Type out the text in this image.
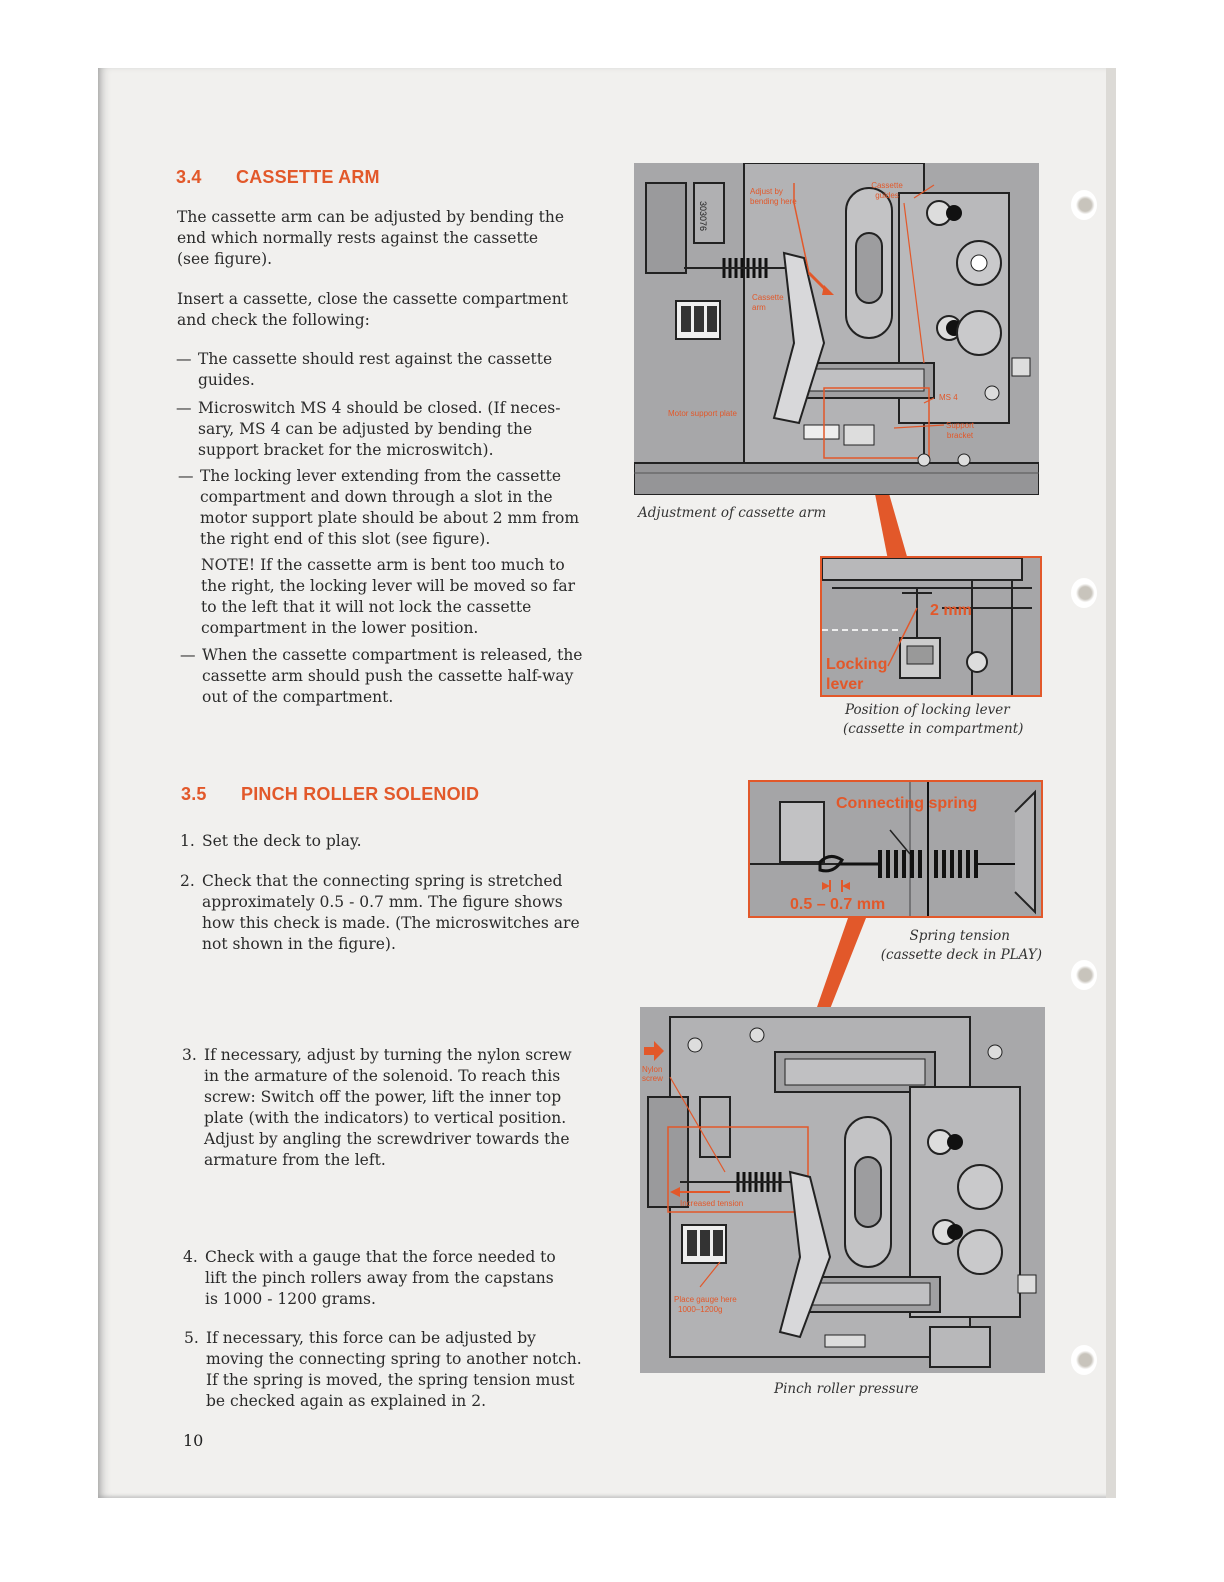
3.4 CASSETTE ARM

The cassette arm can be adjusted by bending the

end which normally rests against the cassette

(see figure).

Insert a cassette, close the cassette compartment

and check the following:

— The cassette should rest against the cassette

guides.

— Microswitch MS 4 should be closed. (If neces-

sary, MS 4 can be adjusted by bending the

support bracket for the microswitch).

— The locking lever extending from the cassette

compartment and down through a slot in the

motor support plate should be about 2 mm from

the right end of this slot (see figure).

NOTE! If the cassette arm is bent too much to

the right, the locking lever will be moved so far

to the left that it will not lock the cassette

compartment in the lower position.

— When the cassette compartment is released, the

cassette arm should push the cassette half-way

out of the compartment.

3.5 PINCH ROLLER SOLENOID
1. Set the deck to play.

2. Check that the connecting spring is stretched

approximately 0.5 - 0.7 mm. The figure shows

how this check is made. (The microswitches are

not shown in the figure).

3. If necessary, adjust by turning the nylon screw

in the armature of the solenoid. To reach this

screw: Switch off the power, lift the inner top

plate (with the indicators) to vertical position.

Adjust by angling the screwdriver towards the

armature from the left.

4. Check with a gauge that the force needed to

lift the pinch rollers away from the capstans

is 1000 - 1200 grams.

5. If necessary, this force can be adjusted by

moving the connecting spring to another notch.

If the spring is moved, the spring tension must

be checked again as explained in 2.

10
Adjust by bending here
Cassette guides
Cassette arm
Motor support plate
MS 4
Support bracket
303076
Adjustment of cassette arm
2 mm
Locking
lever
Position of locking lever
(cassette in compartment)
Connecting spring
0.5 – 0.7 mm
Spring tension
(cassette deck in PLAY)
Nylon screw
Increased tension
Place gauge here
1000–1200g
Pinch roller pressure
